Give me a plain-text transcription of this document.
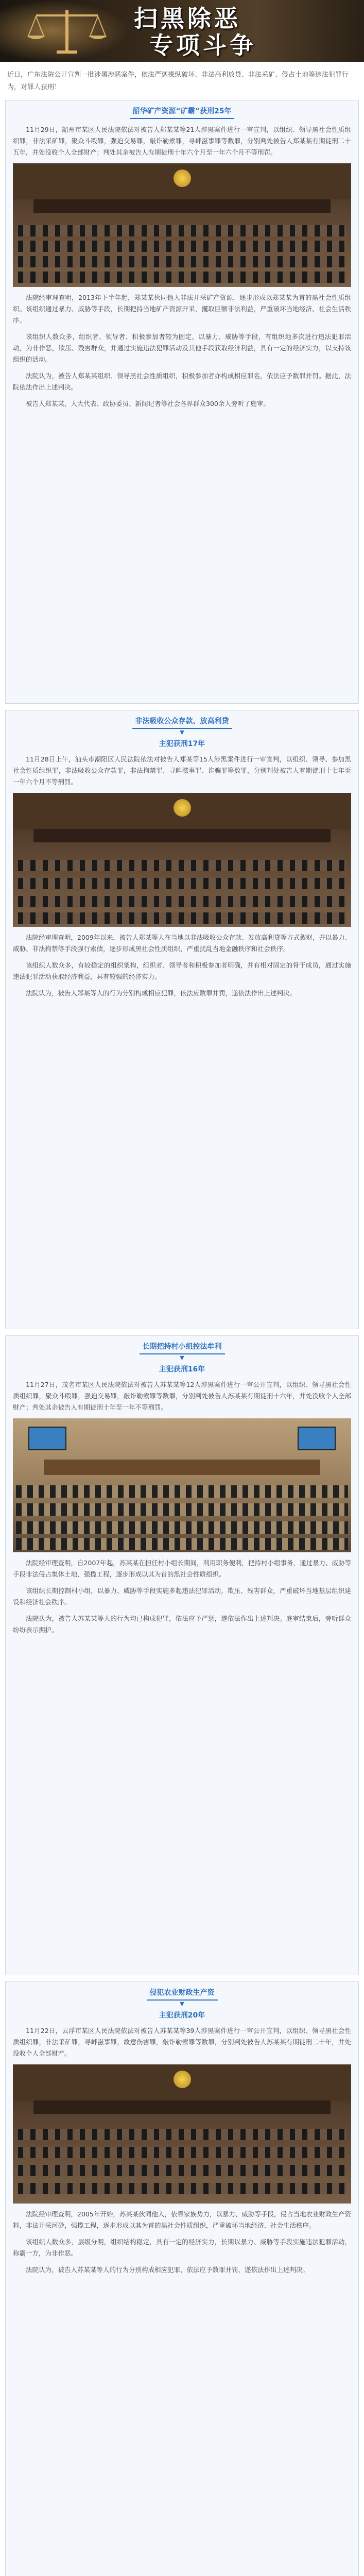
扫黑除恶
专项斗争
近日，广东法院公开宣判一批涉黑涉恶案件，依法严惩操纵破坏、非法高利放贷、非法采矿、侵占土地等违法犯罪行为，对罪人获刑！
韶华矿产资源“矿霸”获刑25年

11月29日，韶州市某区人民法院依法对被告人郑某某等21人涉黑案件进行一审宣判，以组织、领导黑社会性质组织罪，非法采矿罪，聚众斗殴罪，强迫交易罪，敲诈勒索罪，寻衅滋事罪等数罪，分别判处被告人郑某某有期徒刑二十五年，并处没收个人全部财产；判处其余被告人有期徒刑十年六个月至一年六个月不等刑罚。

法院经审理查明，2013年下半年起，郑某某伙同他人非法开采矿产资源，逐步形成以郑某某为首的黑社会性质组织。该组织通过暴力、威胁等手段，长期把持当地矿产资源开采，攫取巨额非法利益，严重破坏当地经济、社会生活秩序。

该组织人数众多，组织者、领导者、积极参加者较为固定，以暴力、威胁等手段，有组织地多次进行违法犯罪活动，为非作恶，欺压、残害群众，并通过实施违法犯罪活动及其他手段获取经济利益，具有一定的经济实力，以支持该组织的活动。

法院认为，被告人郑某某组织、领导黑社会性质组织，积极参加者亦构成相应罪名，依法应予数罪并罚。据此，法院依法作出上述判决。

被告人郑某某、人大代表、政协委员、新闻记者等社会各界群众300余人旁听了庭审。

非法吸收公众存款、放高利贷
▼
主犯获刑17年

11月28日上午，汕头市潮阳区人民法院依法对被告人郑某等15人涉黑案件进行一审宣判，以组织、领导、参加黑社会性质组织罪，非法吸收公众存款罪，非法拘禁罪、寻衅滋事罪、诈骗罪等数罪，分别判处被告人有期徒刑十七年至一年六个月不等刑罚。

法院经审理查明，2009年以来，被告人郑某等人在当地以非法吸收公众存款、发放高利贷等方式敛财，并以暴力、威胁、非法拘禁等手段强行索债，逐步形成黑社会性质组织，严重扰乱当地金融秩序和社会秩序。

该组织人数众多，有较稳定的组织架构，组织者、领导者和积极参加者明确，并有相对固定的骨干成员，通过实施违法犯罪活动获取经济利益，具有较强的经济实力。

法院认为，被告人郑某等人的行为分别构成相应犯罪，依法应数罪并罚，遂依法作出上述判决。

长期把持村小组控法牟利
▼
主犯获刑16年

11月27日，茂名市某区人民法院依法对被告人苏某某等12人涉黑案件进行一审公开宣判，以组织、领导黑社会性质组织罪，聚众斗殴罪，强迫交易罪，敲诈勒索罪等数罪，分别判处被告人苏某某有期徒刑十六年，并处没收个人全部财产；判处其余被告人有期徒刑十年至一年不等刑罚。

法院经审理查明，自2007年起，苏某某在担任村小组长期间，利用职务便利，把持村小组事务，通过暴力、威胁等手段非法侵占集体土地、强揽工程，逐步形成以其为首的黑社会性质组织。

该组织长期控制村小组，以暴力、威胁等手段实施多起违法犯罪活动，欺压、残害群众，严重破坏当地基层组织建设和经济社会秩序。

法院认为，被告人苏某某等人的行为均已构成犯罪，依法应予严惩，遂依法作出上述判决。庭审结束后，旁听群众纷纷表示拥护。

侵犯农业财政生产资
▼
主犯获刑20年

11月22日，云浮市某区人民法院依法对被告人苏某某等39人涉黑案件进行一审公开宣判，以组织、领导黑社会性质组织罪，非法采矿罪，寻衅滋事罪，故意伤害罪，敲诈勒索罪等数罪，分别判处被告人苏某某有期徒刑二十年，并处没收个人全部财产。

法院经审理查明，2005年开始，苏某某伙同他人，依靠家族势力，以暴力、威胁等手段，侵占当地农业财政生产资料，非法开采河砂，强揽工程，逐步形成以其为首的黑社会性质组织，严重破坏当地经济、社会生活秩序。

该组织人数众多，层级分明，组织结构稳定，具有一定的经济实力，长期以暴力、威胁等手段实施违法犯罪活动，称霸一方，为非作恶。

法院认为，被告人苏某某等人的行为分别构成相应犯罪，依法应予数罪并罚，遂依法作出上述判决。
